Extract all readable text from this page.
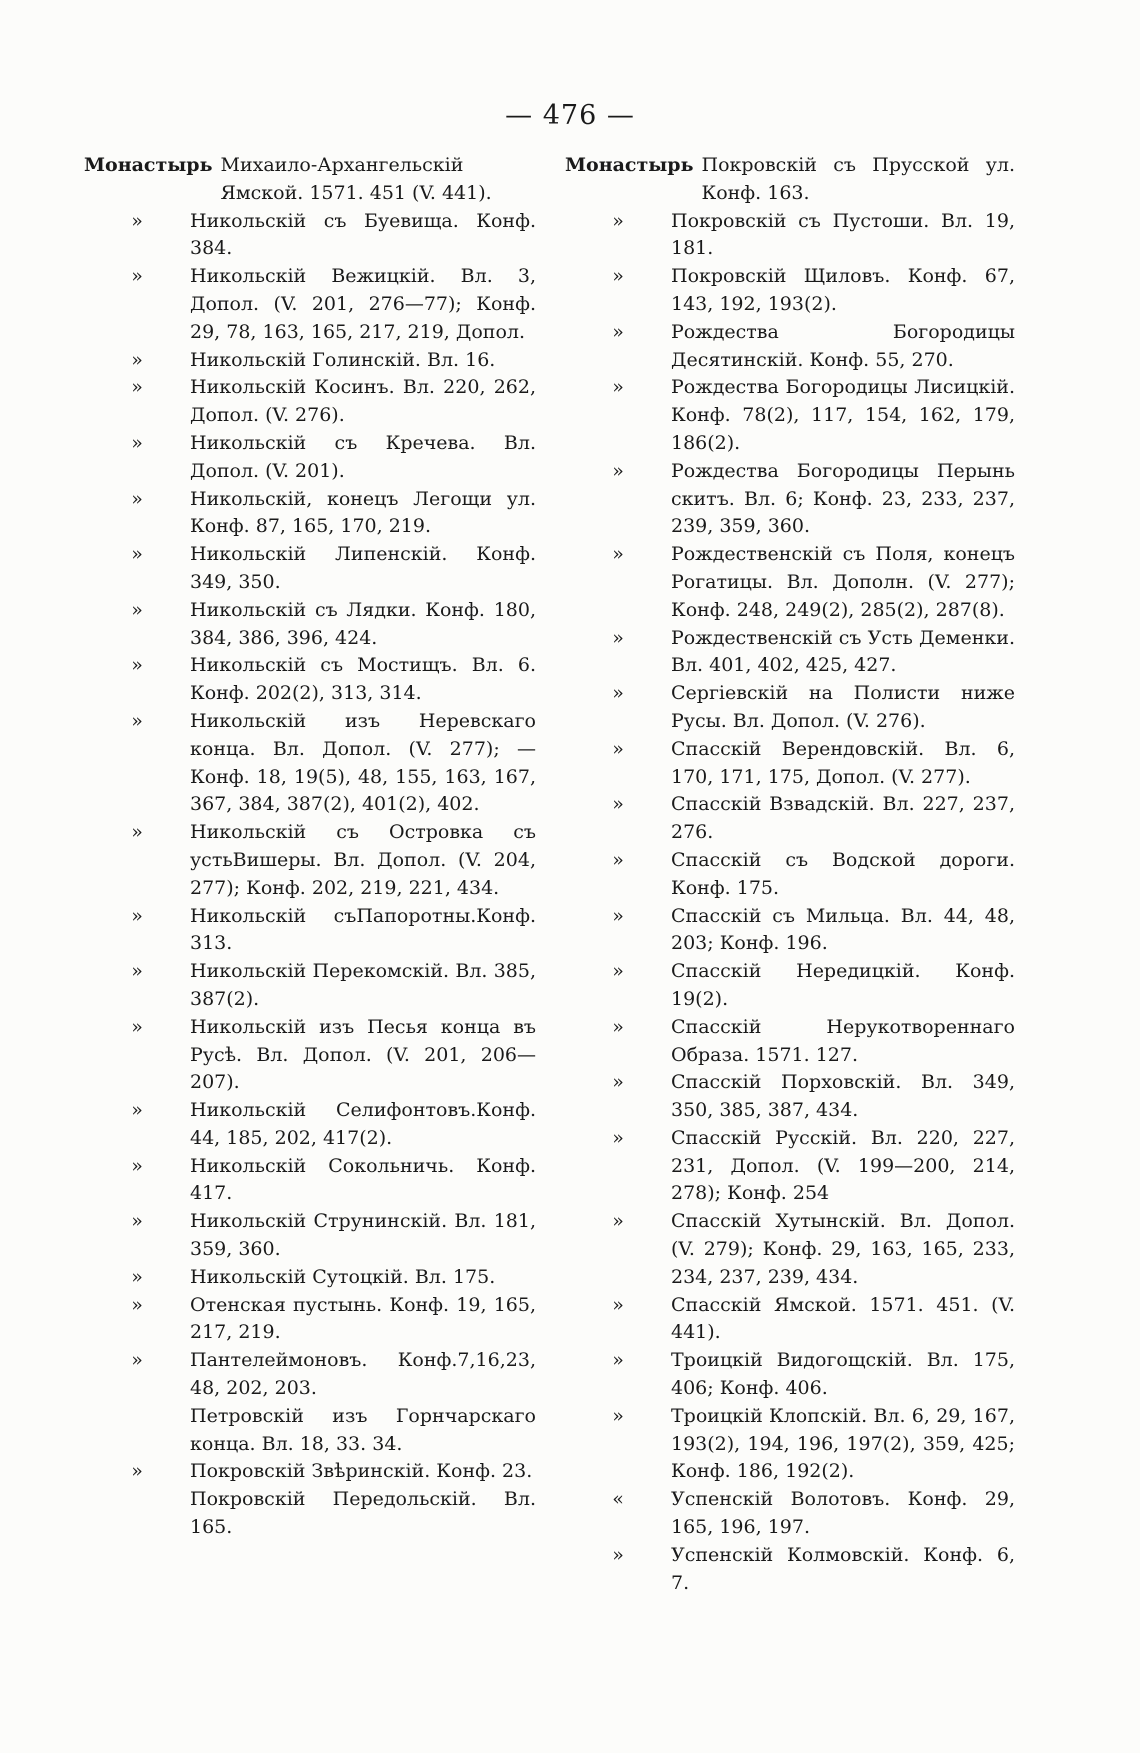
— 476 —
Монастырь Михаило-Архангельскій Ямской. 1571. 451 (V. 441).
»	Никольскій съ Буевища. Конф. 384.
»	Никольскій Вежицкій. Вл. 3, Допол. (V. 201, 276—77); Конф. 29, 78, 163, 165, 217, 219, Допол.
»	Никольскій Голинскій. Вл. 16.
»	Никольскій Косинъ. Вл. 220, 262, Допол. (V. 276).
»	Никольскій съ Кречева. Вл. Допол. (V. 201).
»	Никольскій, конецъ Легощи ул. Конф. 87, 165, 170, 219.
»	Никольскій Липенскій. Конф. 349, 350.
»	Никольскій съ Лядки. Конф. 180, 384, 386, 396, 424.
»	Никольскій съ Мостищъ. Вл. 6. Конф. 202(2), 313, 314.
»	Никольскій изъ Неревскаго конца. Вл. Допол. (V. 277); — Конф. 18, 19(5), 48, 155, 163, 167, 367, 384, 387(2), 401(2), 402.
»	Никольскій съ Островка съ устьВишеры. Вл. Допол. (V. 204, 277); Конф. 202, 219, 221, 434.
»	Никольскій съПапоротны.Конф. 313.
»	Никольскій Перекомскій. Вл. 385, 387(2).
»	Никольскій изъ Песья конца въ Русѣ. Вл. Допол. (V. 201, 206—207).
»	Никольскій Селифонтовъ.Конф. 44, 185, 202, 417(2).
»	Никольскій Сокольничь. Конф. 417.
»	Никольскій Струнинскій. Вл. 181, 359, 360.
»	Никольскій Сутоцкій. Вл. 175.
»	Отенская пустынь. Конф. 19, 165, 217, 219.
»	Пантелеймоновъ. Конф.7,16,23, 48, 202, 203.
Петровскій изъ Горнчарскаго конца. Вл. 18, 33. 34.
»	Покровскій Звѣринскій. Конф. 23.
Покровскій Передольскій. Вл. 165.
Монастырь Покровскій съ Прусской ул. Конф. 163.
»	Покровскій съ Пустоши. Вл. 19, 181.
»	Покровскій Щиловъ. Конф. 67, 143, 192, 193(2).
»	Рождества Богородицы Десятинскій. Конф. 55, 270.
»	Рождества Богородицы Лисицкій. Конф. 78(2), 117, 154, 162, 179, 186(2).
»	Рождества Богородицы Перынь скитъ. Вл. 6; Конф. 23, 233, 237, 239, 359, 360.
»	Рождественскій съ Поля, конецъ Рогатицы. Вл. Дополн. (V. 277); Конф. 248, 249(2), 285(2), 287(8).
»	Рождественскій съ Усть Деменки. Вл. 401, 402, 425, 427.
»	Сергіевскій на Полисти ниже Русы. Вл. Допол. (V. 276).
»	Спасскій Верендовскій. Вл. 6, 170, 171, 175, Допол. (V. 277).
»	Спасскій Взвадскій. Вл. 227, 237, 276.
»	Спасскій съ Водской дороги. Конф. 175.
»	Спасскій съ Мильца. Вл. 44, 48, 203; Конф. 196.
»	Спасскій Нередицкій. Конф. 19(2).
»	Спасскій Нерукотвореннаго Образа. 1571. 127.
»	Спасскій Порховскій. Вл. 349, 350, 385, 387, 434.
»	Спасскій Русскій. Вл. 220, 227, 231, Допол. (V. 199—200, 214, 278); Конф. 254
»	Спасскій Хутынскій. Вл. Допол. (V. 279); Конф. 29, 163, 165, 233, 234, 237, 239, 434.
»	Спасскій Ямской. 1571. 451. (V. 441).
»	Троицкій Видогощскій. Вл. 175, 406; Конф. 406.
»	Троицкій Клопскій. Вл. 6, 29, 167, 193(2), 194, 196, 197(2), 359, 425; Конф. 186, 192(2).
«	Успенскій Волотовъ. Конф. 29, 165, 196, 197.
»	Успенскій Колмовскій. Конф. 6, 7.
